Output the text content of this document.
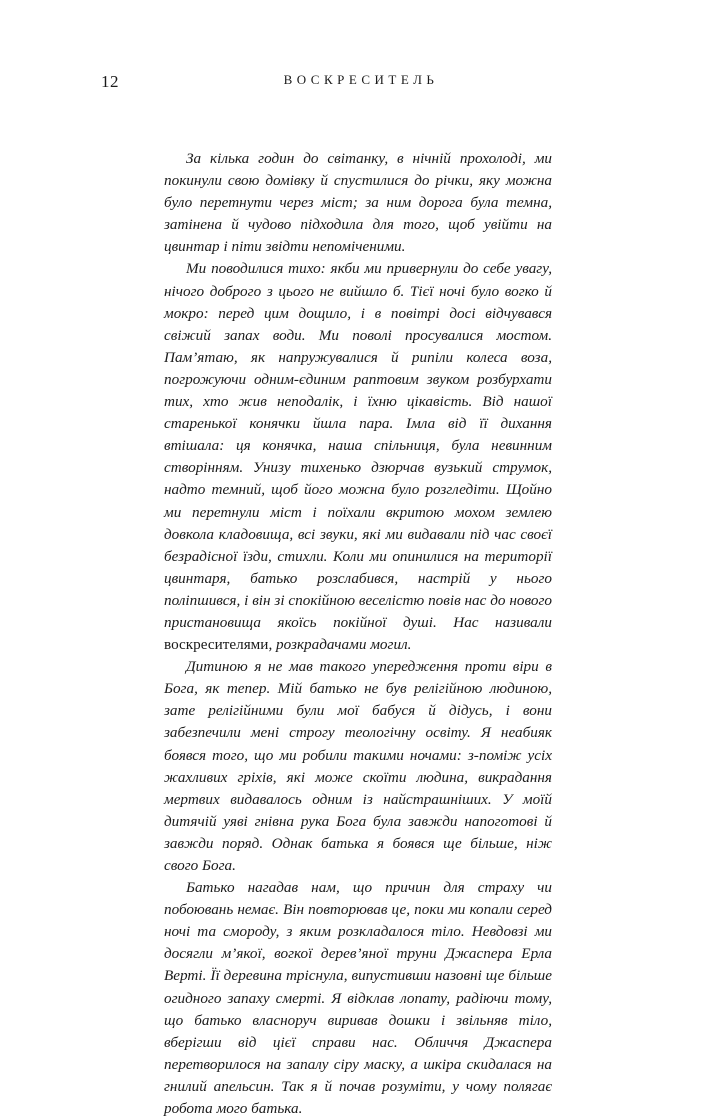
12	ВОСКРЕСИТЕЛЬ

За кілька годин до світанку, в нічній прохолоді, ми покинули свою домівку й спустилися до річки, яку можна було перетнути через міст; за ним дорога була темна, затінена й чудово підходила для того, щоб увійти на цвинтар і піти звідти непоміченими.

Ми поводилися тихо: якби ми привернули до себе увагу, нічого доброго з цього не вийшло б. Тієї ночі було вогко й мокро: перед цим дощило, і в повітрі досі відчувався свіжий запах води. Ми поволі просувалися мостом. Пам’ятаю, як напружувалися й рипіли колеса воза, погрожуючи одним-єдиним раптовим звуком розбурхати тих, хто жив неподалік, і їхню цікавість. Від нашої старенької конячки йшла пара. Імла від її дихання втішала: ця конячка, наша спільниця, була невинним створінням. Унизу тихенько дзюрчав вузький струмок, надто темний, щоб його можна було розгледіти. Щойно ми перетнули міст і поїхали вкритою мохом землею довкола кладовища, всі звуки, які ми видавали під час своєї безрадісної їзди, стихли. Коли ми опинилися на території цвинтаря, батько розслабився, настрій у нього поліпшився, і він зі спокійною веселістю повів нас до нового пристановища якоїсь покійної душі. Нас називали воскресителями, розкрадачами могил.

Дитиною я не мав такого упередження проти віри в Бога, як тепер. Мій батько не був релігійною людиною, зате релігійними були мої бабуся й дідусь, і вони забезпечили мені строгу теологічну освіту. Я неабияк боявся того, що ми робили такими ночами: з-поміж усіх жахливих гріхів, які може скоїти людина, викрадання мертвих видавалось одним із найстрашніших. У моїй дитячій уяві гнівна рука Бога була завжди напоготові й завжди поряд. Однак батька я боявся ще більше, ніж свого Бога.

Батько нагадав нам, що причин для страху чи побоювань немає. Він повторював це, поки ми копали серед ночі та смороду, з яким розкладалося тіло. Невдовзі ми досягли м’якої, вогкої дерев’яної труни Джаспера Ерла Верті. Її деревина тріснула, випустивши назовні ще більше огидного запаху смерті. Я відклав лопату, радіючи тому, що батько власноруч виривав дошки і звільняв тіло, вберігши від цієї справи нас. Обличчя Джаспера перетворилося на запалу сіру маску, а шкіра скидалася на гнилий апельсин. Так я й почав розуміти, у чому полягає робота мого батька.
